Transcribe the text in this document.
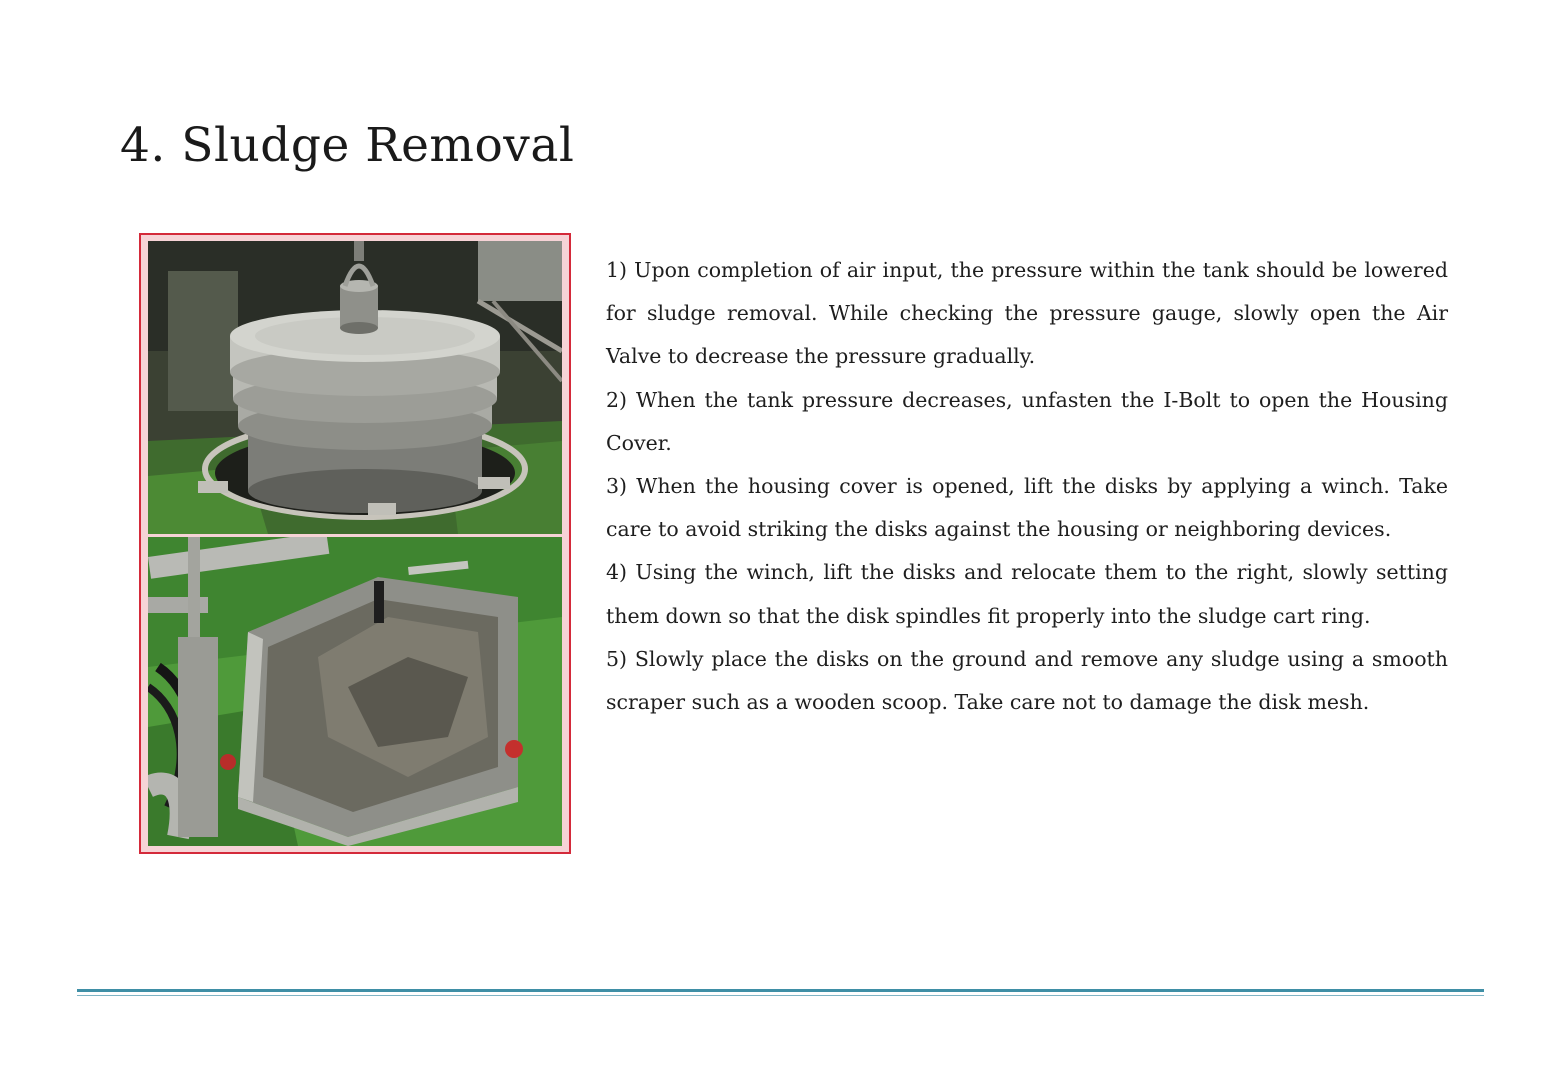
4. Sludge Removal
1) Upon completion of air input, the pressure within the tank should be lowered for sludge removal. While checking the pressure gauge, slowly open the Air Valve to decrease the pressure gradually.
2) When the tank pressure decreases, unfasten the I-Bolt to open the Housing Cover.
3) When the housing cover is opened, lift the disks by applying a winch. Take care to avoid striking the disks against the housing or neighboring devices.
4) Using the winch, lift the disks and relocate them to the right, slowly setting them down so that the disk spindles fit properly into the sludge cart ring.
5) Slowly place the disks on the ground and remove any sludge using a smooth scraper such as a wooden scoop. Take care not to damage the disk mesh.
